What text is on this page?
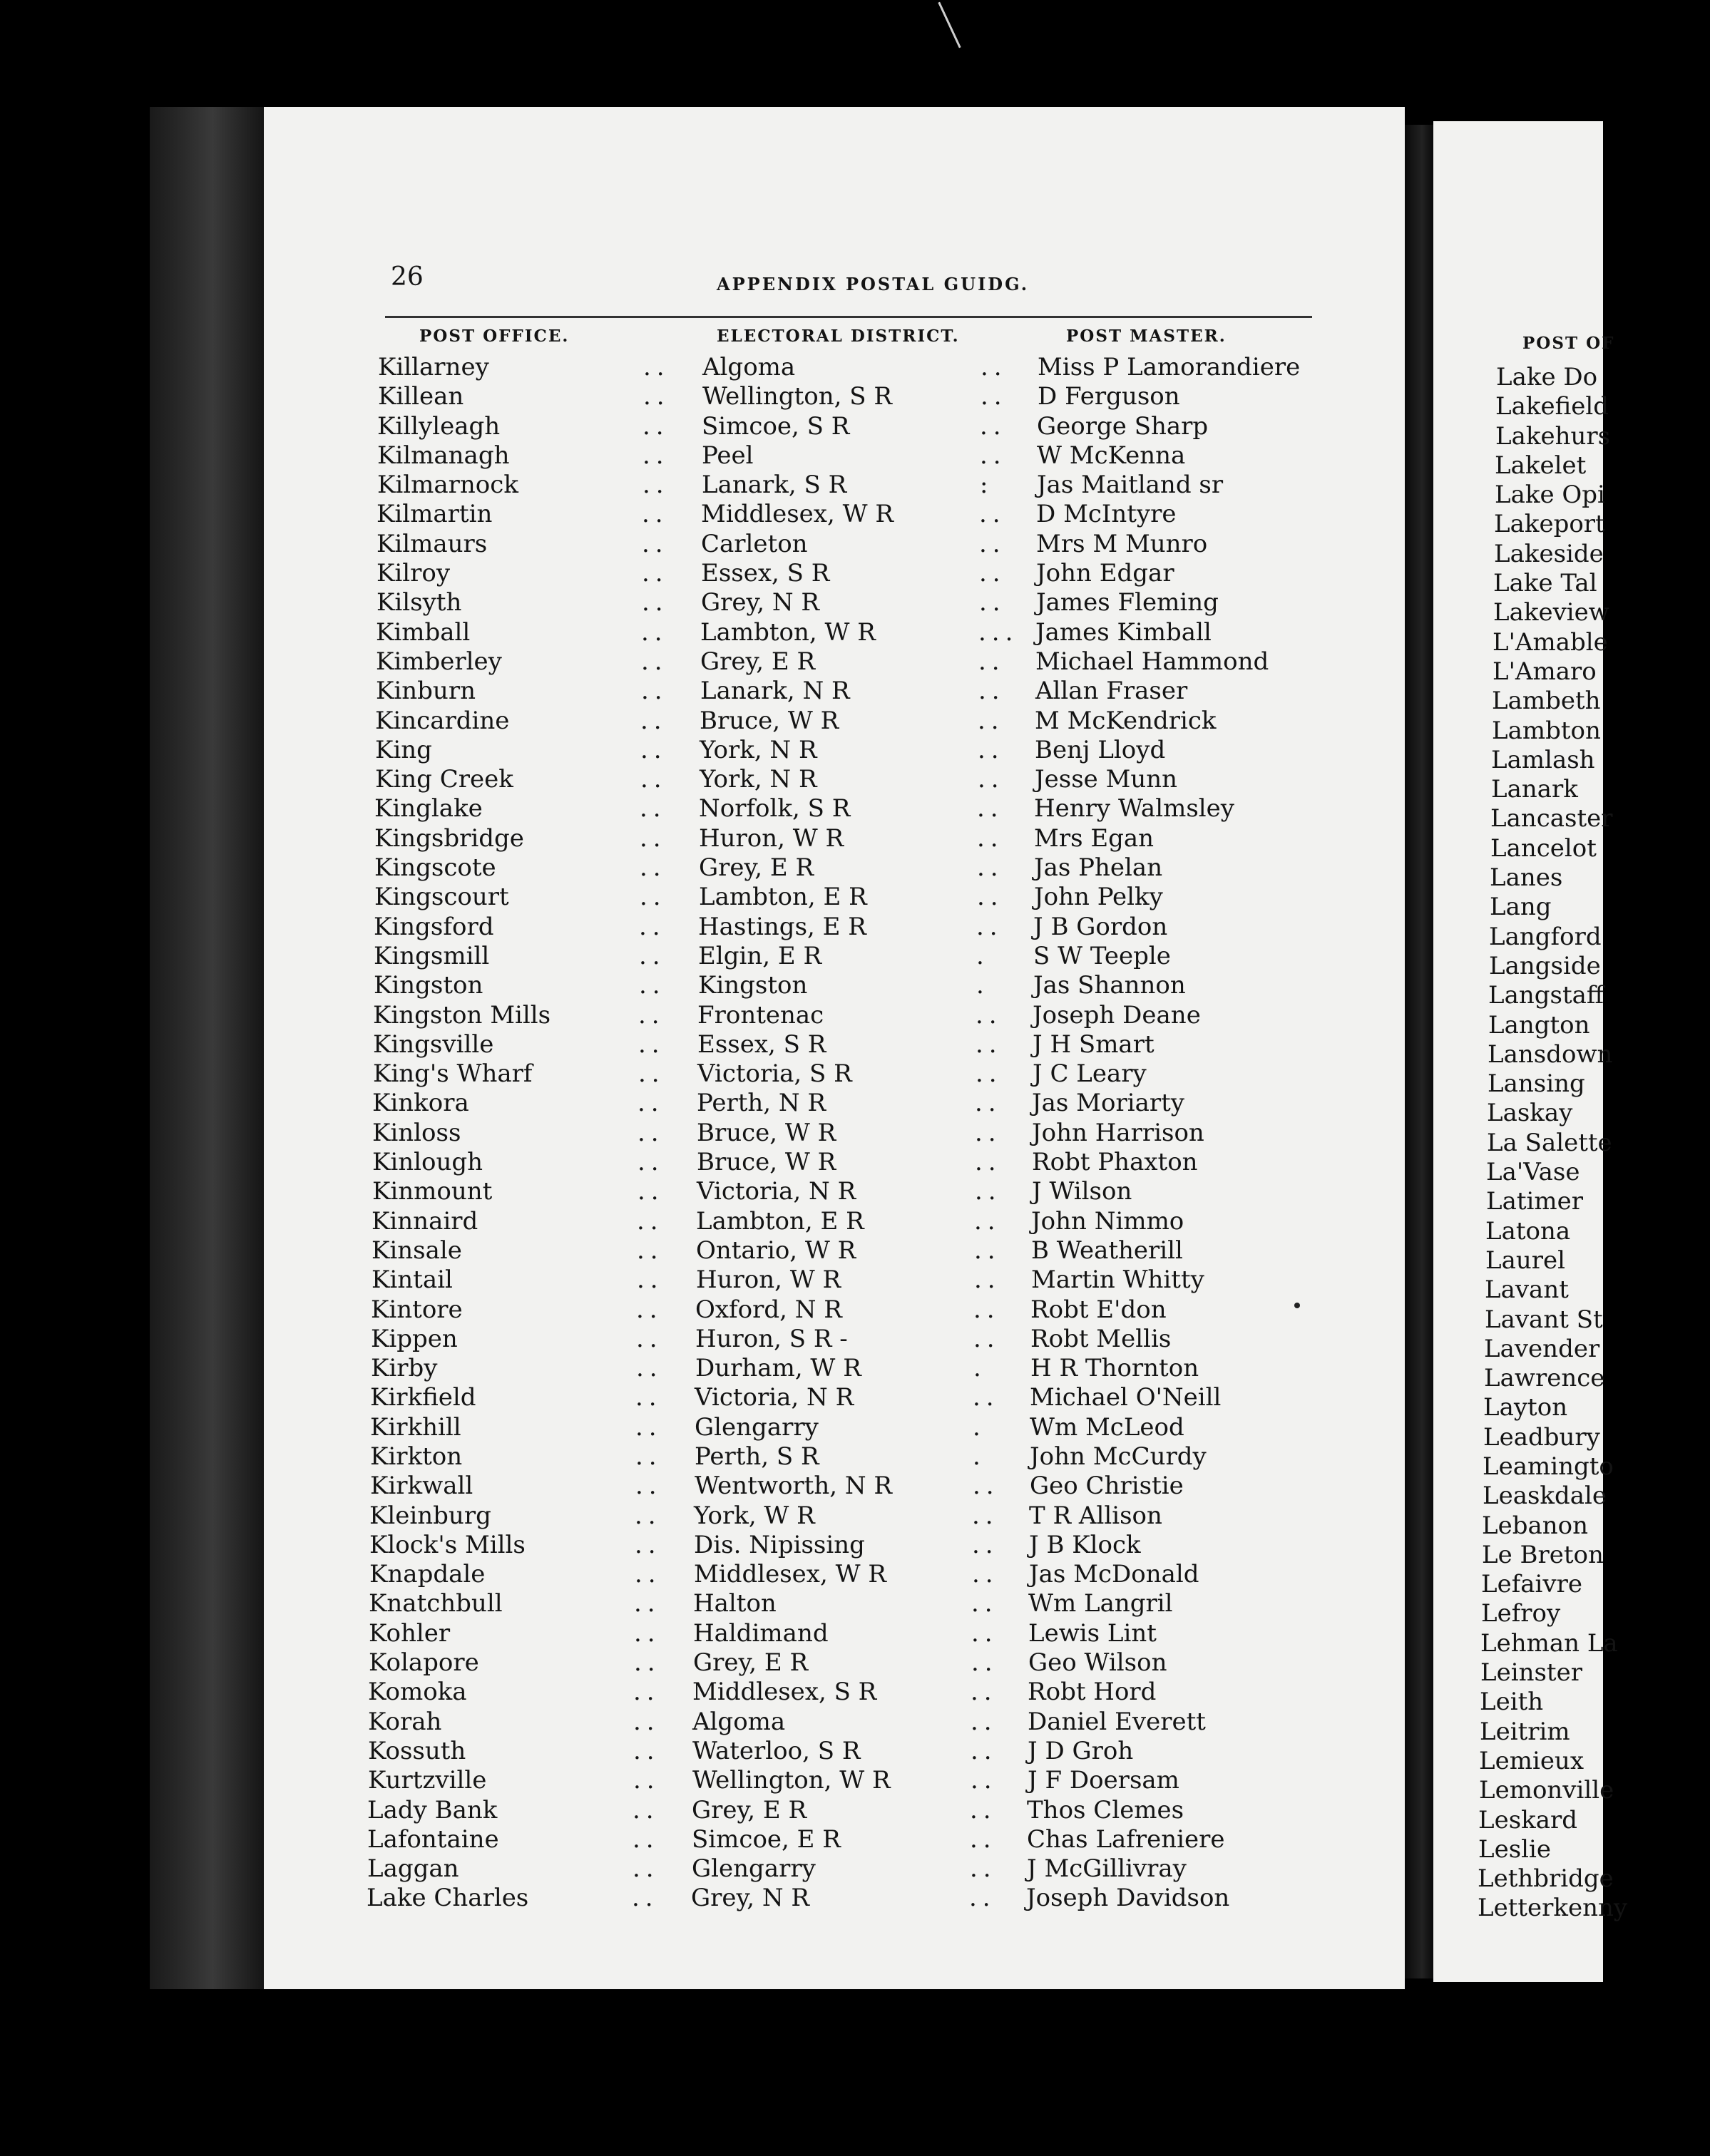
POST OF
26	APPENDIX POSTAL GUIDG.
POST OFFICE.	ELECTORAL DISTRICT.	POST MASTER.
Killarney	.. Algoma	.. Miss P Lamorandiere
Killean	.. Wellington, S R	.. D Ferguson
Killyleagh	.. Simcoe, S R	.. George Sharp
Kilmanagh	.. Peel	.. W McKenna
Kilmarnock	.. Lanark, S R	: Jas Maitland sr
Kilmartin	.. Middlesex, W R	.. D McIntyre
Kilmaurs	.. Carleton	.. Mrs M Munro
Kilroy	.. Essex, S R	.. John Edgar
Kilsyth	.. Grey, N R	.. James Fleming
Kimball	.. Lambton, W R	... James Kimball
Kimberley	.. Grey, E R	.. Michael Hammond
Kinburn	.. Lanark, N R	.. Allan Fraser
Kincardine	.. Bruce, W R	.. M McKendrick
King	.. York, N R	.. Benj Lloyd
King Creek	.. York, N R	.. Jesse Munn
Kinglake	.. Norfolk, S R	.. Henry Walmsley
Kingsbridge	.. Huron, W R	.. Mrs Egan
Kingscote	.. Grey, E R	.. Jas Phelan
Kingscourt	.. Lambton, E R	.. John Pelky
Kingsford	.. Hastings, E R	.. J B Gordon
Kingsmill	.. Elgin, E R	. S W Teeple
Kingston	.. Kingston	. Jas Shannon
Kingston Mills	.. Frontenac	.. Joseph Deane
Kingsville	.. Essex, S R	.. J H Smart
King's Wharf	.. Victoria, S R	.. J C Leary
Kinkora	.. Perth, N R	.. Jas Moriarty
Kinloss	.. Bruce, W R	.. John Harrison
Kinlough	.. Bruce, W R	.. Robt Phaxton
Kinmount	.. Victoria, N R	.. J Wilson
Kinnaird	.. Lambton, E R	.. John Nimmo
Kinsale	.. Ontario, W R	.. B Weatherill
Kintail	.. Huron, W R	.. Martin Whitty
Kintore	.. Oxford, N R	.. Robt E'don
Kippen	.. Huron, S R -	.. Robt Mellis
Kirby	.. Durham, W R	. H R Thornton
Kirkfield	.. Victoria, N R	.. Michael O'Neill
Kirkhill	.. Glengarry	. Wm McLeod
Kirkton	.. Perth, S R	. John McCurdy
Kirkwall	.. Wentworth, N R	.. Geo Christie
Kleinburg	.. York, W R	.. T R Allison
Klock's Mills	.. Dis. Nipissing	.. J B Klock
Knapdale	.. Middlesex, W R	.. Jas McDonald
Knatchbull	.. Halton	.. Wm Langril
Kohler	.. Haldimand	.. Lewis Lint
Kolapore	.. Grey, E R	.. Geo Wilson
Komoka	.. Middlesex, S R	.. Robt Hord
Korah	.. Algoma	.. Daniel Everett
Kossuth	.. Waterloo, S R	.. J D Groh
Kurtzville	.. Wellington, W R	.. J F Doersam
Lady Bank	.. Grey, E R	.. Thos Clemes
Lafontaine	.. Simcoe, E R	.. Chas Lafreniere
Laggan	.. Glengarry	.. J McGillivray
Lake Charles	.. Grey, N R	.. Joseph Davidson
Lake Do
Lakefield
Lakehurs
Lakelet
Lake Opi
Lakeport
Lakeside
Lake Tal
Lakeview
L'Amable
L'Amaro
Lambeth
Lambton
Lamlash
Lanark
Lancaster
Lancelot
Lanes
Lang
Langford
Langside
Langstaff
Langton
Lansdown
Lansing
Laskay
La Salette
La'Vase
Latimer
Latona
Laurel
Lavant
Lavant St
Lavender
Lawrence
Layton
Leadbury
Leamingto
Leaskdale
Lebanon
Le Breton
Lefaivre
Lefroy
Lehman La
Leinster
Leith
Leitrim
Lemieux
Lemonville
Leskard
Leslie
Lethbridge
Letterkenny
